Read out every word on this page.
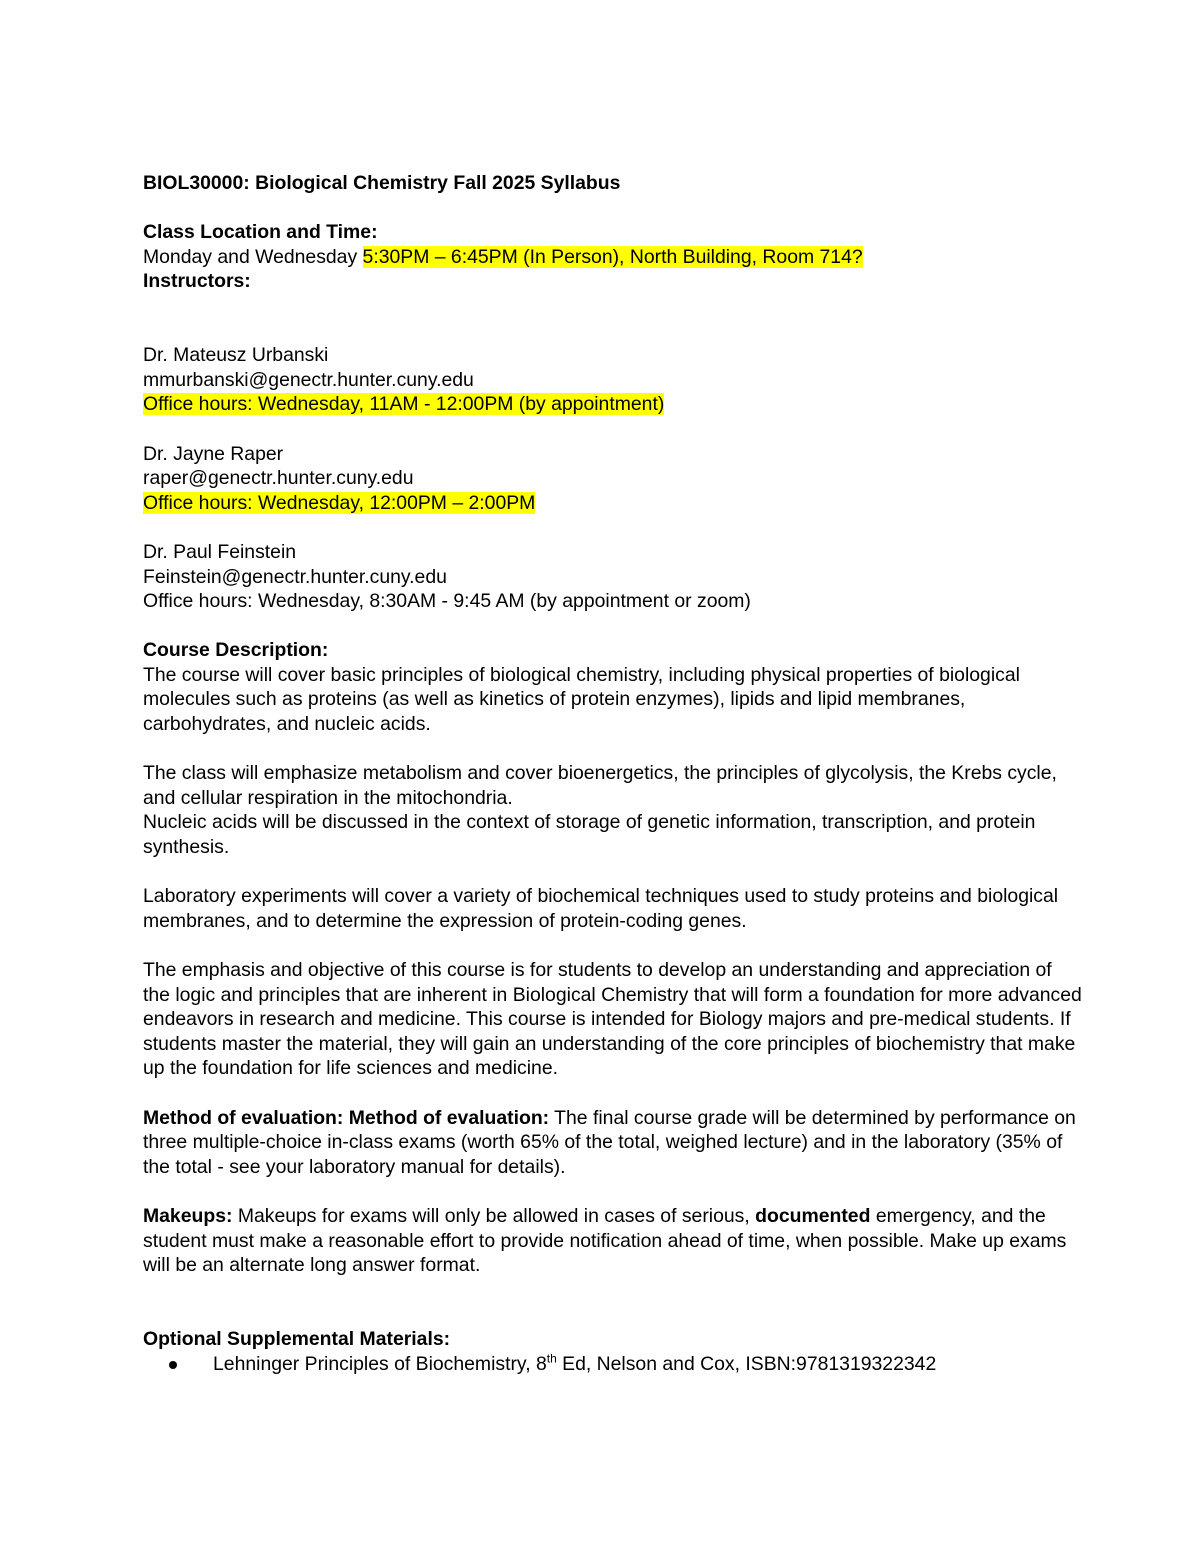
BIOL30000: Biological Chemistry Fall 2025 Syllabus

Class Location and Time:

Monday and Wednesday 5:30PM – 6:45PM (In Person), North Building, Room 714?

Instructors:

Dr. Mateusz Urbanski

mmurbanski@genectr.hunter.cuny.edu

Office hours: Wednesday, 11AM - 12:00PM (by appointment)

Dr. Jayne Raper

raper@genectr.hunter.cuny.edu

Office hours: Wednesday, 12:00PM – 2:00PM

Dr. Paul Feinstein

Feinstein@genectr.hunter.cuny.edu

Office hours: Wednesday, 8:30AM - 9:45 AM (by appointment or zoom)

Course Description:

The course will cover basic principles of biological chemistry, including physical properties of biological molecules such as proteins (as well as kinetics of protein enzymes), lipids and lipid membranes, carbohydrates, and nucleic acids.

The class will emphasize metabolism and cover bioenergetics, the principles of glycolysis, the Krebs cycle, and cellular respiration in the mitochondria.

Nucleic acids will be discussed in the context of storage of genetic information, transcription, and protein synthesis.

Laboratory experiments will cover a variety of biochemical techniques used to study proteins and biological membranes, and to determine the expression of protein-coding genes.

The emphasis and objective of this course is for students to develop an understanding and appreciation of the logic and principles that are inherent in Biological Chemistry that will form a foundation for more advanced endeavors in research and medicine. This course is intended for Biology majors and pre-medical students. If students master the material, they will gain an understanding of the core principles of biochemistry that make up the foundation for life sciences and medicine.

Method of evaluation: Method of evaluation: The final course grade will be determined by performance on three multiple-choice in-class exams (worth 65% of the total, weighed lecture) and in the laboratory (35% of the total - see your laboratory manual for details).

Makeups: Makeups for exams will only be allowed in cases of serious, documented emergency, and the student must make a reasonable effort to provide notification ahead of time, when possible. Make up exams will be an alternate long answer format.

Optional Supplemental Materials:

Lehninger Principles of Biochemistry, 8th Ed, Nelson and Cox, ISBN:9781319322342
